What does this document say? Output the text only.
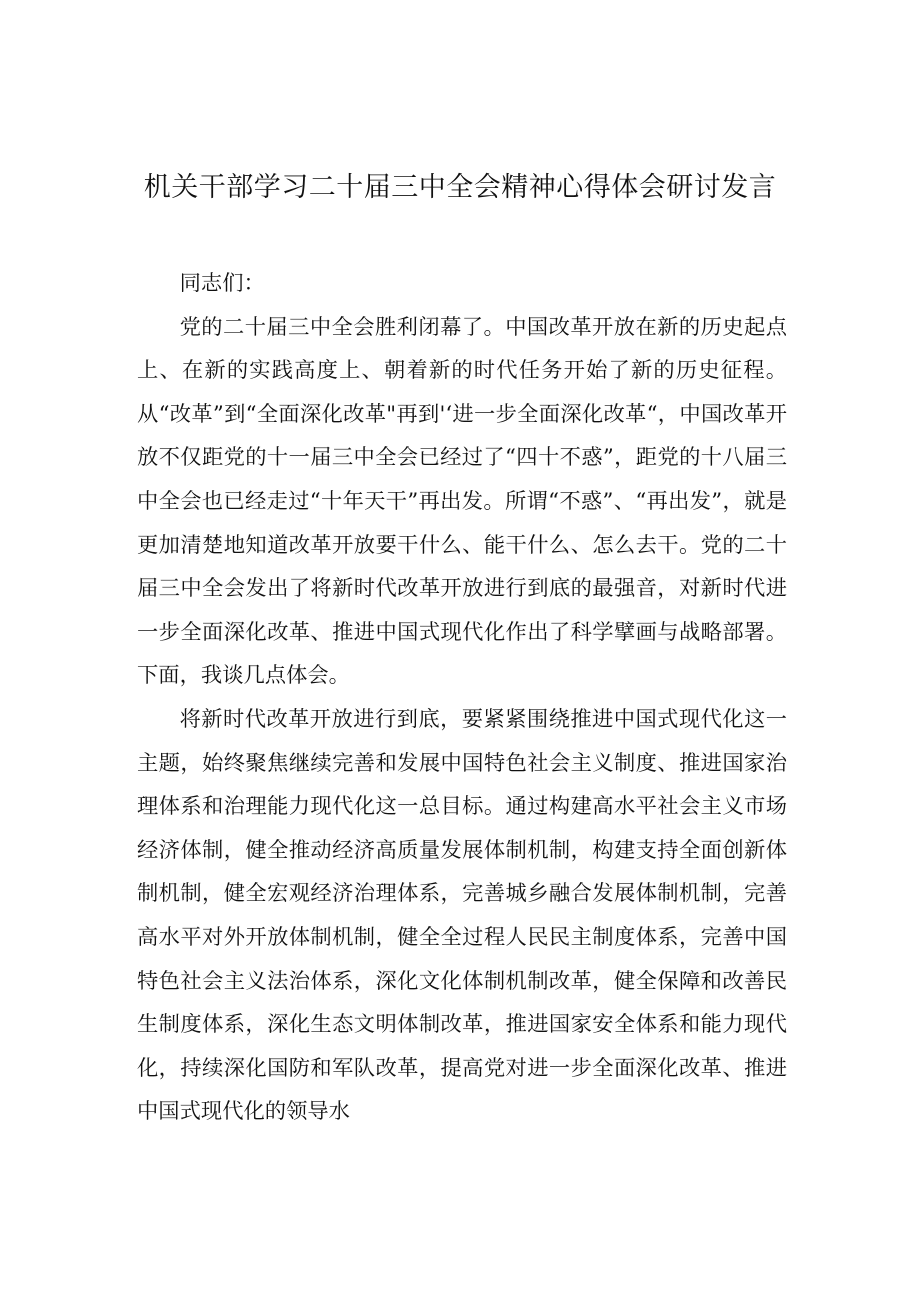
机关干部学习二十届三中全会精神心得体会研讨发言

同志们：

党的二十届三中全会胜利闭幕了。中国改革开放在新的历史起点上、在新的实践高度上、朝着新的时代任务开始了新的历史征程。从“改革”到“全面深化改革"再到'‘进一步全面深化改革“，中国改革开放不仅距党的十一届三中全会已经过了“四十不惑”，距党的十八届三中全会也已经走过“十年天干”再出发。所谓“不惑”、“再出发”，就是更加清楚地知道改革开放要干什么、能干什么、怎么去干。党的二十届三中全会发出了将新时代改革开放进行到底的最强音，对新时代进一步全面深化改革、推进中国式现代化作出了科学擘画与战略部署。下面，我谈几点体会。

将新时代改革开放进行到底，要紧紧围绕推进中国式现代化这一主题，始终聚焦继续完善和发展中国特色社会主义制度、推进国家治理体系和治理能力现代化这一总目标。通过构建高水平社会主义市场经济体制，健全推动经济高质量发展体制机制，构建支持全面创新体制机制，健全宏观经济治理体系，完善城乡融合发展体制机制，完善高水平对外开放体制机制，健全全过程人民民主制度体系，完善中国特色社会主义法治体系，深化文化体制机制改革，健全保障和改善民生制度体系，深化生态文明体制改革，推进国家安全体系和能力现代化，持续深化国防和军队改革，提高党对进一步全面深化改革、推进中国式现代化的领导水
